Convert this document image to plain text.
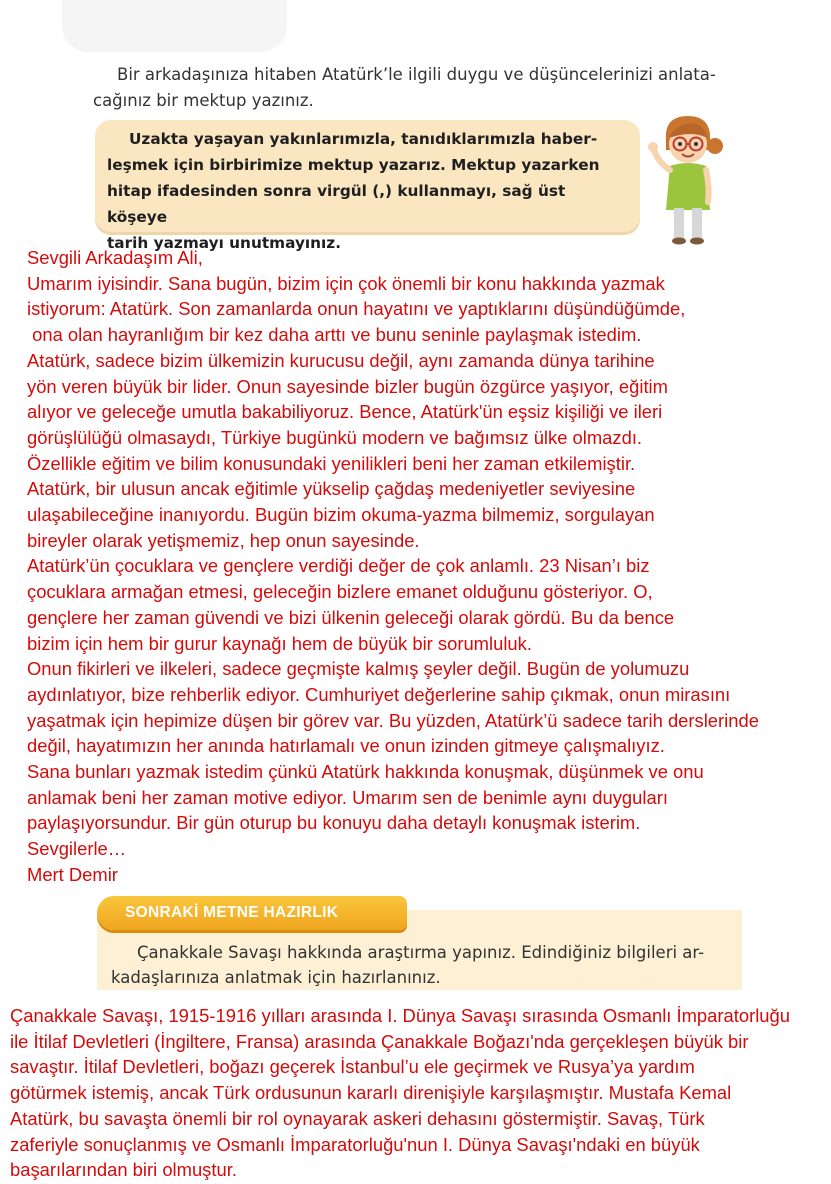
Bir arkadaşınıza hitaben Atatürk’le ilgili duygu ve düşüncelerinizi anlata-
cağınız bir mektup yazınız.

Uzakta yaşayan yakınlarımızla, tanıdıklarımızla haber-
leşmek için birbirimize mektup yazarız. Mektup yazarken
hitap ifadesinden sonra virgül (,) kullanmayı, sağ üst köşeye
tarih yazmayı unutmayınız.

Sevgili Arkadaşım Ali,
Umarım iyisindir. Sana bugün, bizim için çok önemli bir konu hakkında yazmak
istiyorum: Atatürk. Son zamanlarda onun hayatını ve yaptıklarını düşündüğümde,
ona olan hayranlığım bir kez daha arttı ve bunu seninle paylaşmak istedim.
Atatürk, sadece bizim ülkemizin kurucusu değil, aynı zamanda dünya tarihine
yön veren büyük bir lider. Onun sayesinde bizler bugün özgürce yaşıyor, eğitim
alıyor ve geleceğe umutla bakabiliyoruz. Bence, Atatürk'ün eşsiz kişiliği ve ileri
görüşlülüğü olmasaydı, Türkiye bugünkü modern ve bağımsız ülke olmazdı.
Özellikle eğitim ve bilim konusundaki yenilikleri beni her zaman etkilemiştir.
Atatürk, bir ulusun ancak eğitimle yükselip çağdaş medeniyetler seviyesine
ulaşabileceğine inanıyordu. Bugün bizim okuma-yazma bilmemiz, sorgulayan
bireyler olarak yetişmemiz, hep onun sayesinde.
Atatürk’ün çocuklara ve gençlere verdiği değer de çok anlamlı. 23 Nisan’ı biz
çocuklara armağan etmesi, geleceğin bizlere emanet olduğunu gösteriyor. O,
gençlere her zaman güvendi ve bizi ülkenin geleceği olarak gördü. Bu da bence
bizim için hem bir gurur kaynağı hem de büyük bir sorumluluk.
Onun fikirleri ve ilkeleri, sadece geçmişte kalmış şeyler değil. Bugün de yolumuzu
aydınlatıyor, bize rehberlik ediyor. Cumhuriyet değerlerine sahip çıkmak, onun mirasını
yaşatmak için hepimize düşen bir görev var. Bu yüzden, Atatürk’ü sadece tarih derslerinde
değil, hayatımızın her anında hatırlamalı ve onun izinden gitmeye çalışmalıyız.
Sana bunları yazmak istedim çünkü Atatürk hakkında konuşmak, düşünmek ve onu
anlamak beni her zaman motive ediyor. Umarım sen de benimle aynı duyguları
paylaşıyorsundur. Bir gün oturup bu konuyu daha detaylı konuşmak isterim.
Sevgilerle…
Mert Demir
SONRAKİ METNE HAZIRLIK

Çanakkale Savaşı hakkında araştırma yapınız. Edindiğiniz bilgileri ar-
kadaşlarınıza anlatmak için hazırlanınız.

Çanakkale Savaşı, 1915-1916 yılları arasında I. Dünya Savaşı sırasında Osmanlı İmparatorluğu
ile İtilaf Devletleri (İngiltere, Fransa) arasında Çanakkale Boğazı'nda gerçekleşen büyük bir
savaştır. İtilaf Devletleri, boğazı geçerek İstanbul’u ele geçirmek ve Rusya’ya yardım
götürmek istemiş, ancak Türk ordusunun kararlı direnişiyle karşılaşmıştır. Mustafa Kemal
Atatürk, bu savaşta önemli bir rol oynayarak askeri dehasını göstermiştir. Savaş, Türk
zaferiyle sonuçlanmış ve Osmanlı İmparatorluğu'nun I. Dünya Savaşı'ndaki en büyük
başarılarından biri olmuştur.
